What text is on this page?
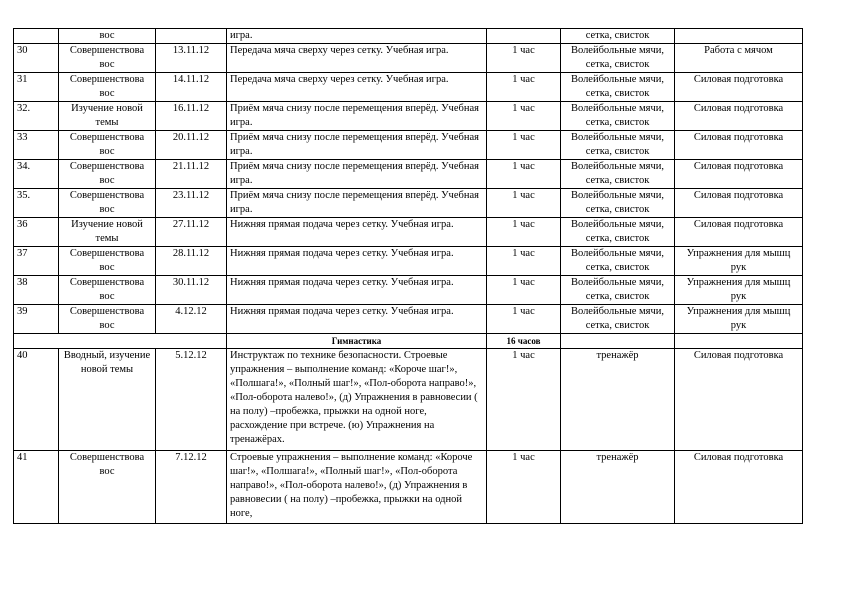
	вос		игра.		сетка, свисток	
30	Совершенствова вос	13.11.12	Передача мяча сверху через сетку. Учебная игра.	1 час	Волейбольные мячи, сетка, свисток	Работа с мячом
31	Совершенствова вос	14.11.12	Передача мяча сверху через сетку. Учебная игра.	1 час	Волейбольные мячи, сетка, свисток	Силовая подготовка
32.	Изучение новой темы	16.11.12	Приём мяча снизу после перемещения вперёд. Учебная игра.	1 час	Волейбольные мячи, сетка, свисток	Силовая подготовка
33	Совершенствова вос	20.11.12	Приём мяча снизу после перемещения вперёд. Учебная игра.	1 час	Волейбольные мячи, сетка, свисток	Силовая подготовка
34.	Совершенствова вос	21.11.12	Приём мяча снизу после перемещения вперёд. Учебная игра.	1 час	Волейбольные мячи, сетка, свисток	Силовая подготовка
35.	Совершенствова вос	23.11.12	Приём мяча снизу после перемещения вперёд. Учебная игра.	1 час	Волейбольные мячи, сетка, свисток	Силовая подготовка
36	Изучение новой темы	27.11.12	Нижняя прямая подача через сетку. Учебная игра.	1 час	Волейбольные мячи, сетка, свисток	Силовая подготовка
37	Совершенствова вос	28.11.12	Нижняя прямая подача через сетку. Учебная игра.	1 час	Волейбольные мячи, сетка, свисток	Упражнения для мышц рук
38	Совершенствова вос	30.11.12	Нижняя прямая подача через сетку. Учебная игра.	1 час	Волейбольные мячи, сетка, свисток	Упражнения для мышц рук
39	Совершенствова вос	4.12.12	Нижняя прямая подача через сетку. Учебная игра.	1 час	Волейбольные мячи, сетка, свисток	Упражнения для мышц рук
			Гимнастика	16 часов		
40	Вводный, изучение новой темы	5.12.12	Инструктаж по технике безопасности. Строевые упражнения – выполнение команд: «Короче шаг!», «Полшага!», «Полный шаг!», «Пол-оборота направо!», «Пол-оборота налево!», (д) Упражнения в равновесии ( на полу) –пробежка, прыжки на одной ноге, расхождение при встрече. (ю) Упражнения на тренажёрах.	1 час	тренажёр	Силовая подготовка
41	Совершенствова вос	7.12.12	Строевые упражнения – выполнение команд: «Короче шаг!», «Полшага!», «Полный шаг!», «Пол-оборота направо!», «Пол-оборота налево!», (д) Упражнения в равновесии ( на полу) –пробежка, прыжки на одной ноге,	1 час	тренажёр	Силовая подготовка
